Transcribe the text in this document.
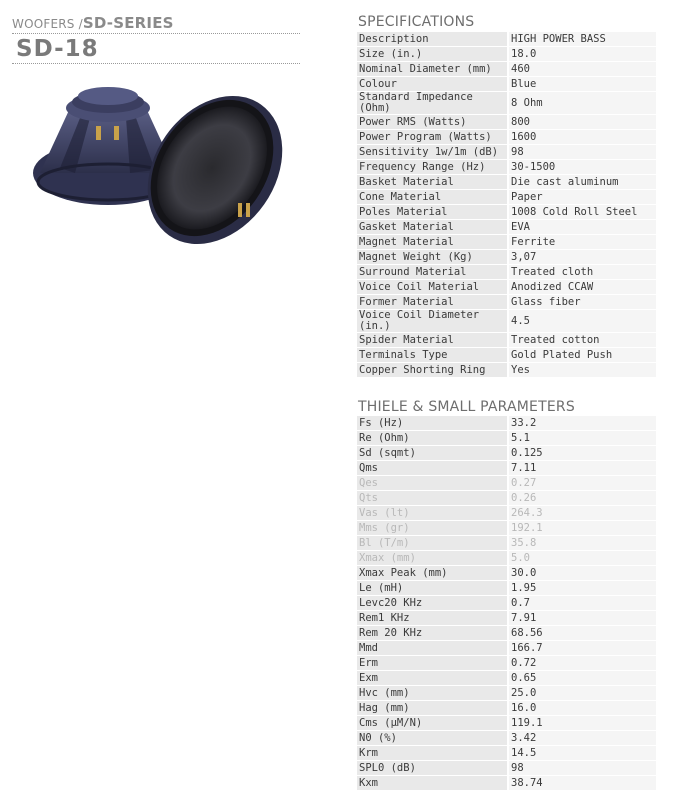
WOOFERS /SD-SERIES
SD-18
SPECIFICATIONS
Description	HIGH POWER BASS
Size (in.)	18.0
Nominal Diameter (mm)	460
Colour	Blue
Standard Impedance (Ohm)	8 Ohm
Power RMS (Watts)	800
Power Program (Watts)	1600
Sensitivity 1w/1m (dB)	98
Frequency Range (Hz)	30-1500
Basket Material	Die cast aluminum
Cone Material	Paper
Poles Material	1008 Cold Roll Steel
Gasket Material	EVA
Magnet Material	Ferrite
Magnet Weight (Kg)	3,07
Surround Material	Treated cloth
Voice Coil Material	Anodized CCAW
Former Material	Glass fiber
Voice Coil Diameter (in.)	4.5
Spider Material	Treated cotton
Terminals Type	Gold Plated Push
Copper Shorting Ring	Yes
THIELE & SMALL PARAMETERS
Fs (Hz)	33.2
Re (Ohm)	5.1
Sd (sqmt)	0.125
Qms	7.11
Qes	0.27
Qts	0.26
Vas (lt)	264.3
Mms (gr)	192.1
Bl (T/m)	35.8
Xmax (mm)	5.0
Xmax Peak (mm)	30.0
Le (mH)	1.95
Levc20 KHz	0.7
Rem1 KHz	7.91
Rem 20 KHz	68.56
Mmd	166.7
Erm	0.72
Exm	0.65
Hvc (mm)	25.0
Hag (mm)	16.0
Cms (µM/N)	119.1
N0 (%)	3.42
Krm	14.5
SPL0 (dB)	98
Kxm	38.74
